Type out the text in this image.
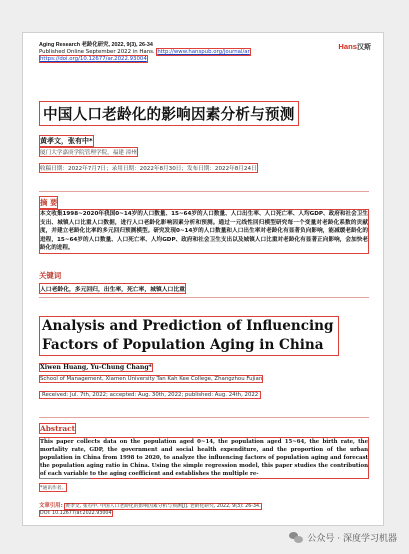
Aging Research 老龄化研究, 2022, 9(3), 26-34
Published Online September 2022 in Hans. http://www.hanspub.org/journal/ar
https://doi.org/10.12677/ar.2022.93004
Hans汉斯
中国人口老龄化的影响因素分析与预测
黄孝文，张有中*
厦门大学嘉庚学院管理学院，福建 漳州
收稿日期：2022年7月7日；录用日期：2022年8月30日；发布日期：2022年8月24日
摘 要
本文收集1998~2020年我国0~14岁的人口数量、15~64岁的人口数量、人口出生率、人口死亡率、人均GDP、政府和社会卫生支出、城镇人口比重人口数据，进行人口老龄化影响因素分析和预测。通过一元线性回归模型研究每一个变量对老龄化系数的贡献度，并建立老龄化比率的多元回归预测模型。研究发现0~14岁的人口数量和人口出生率对老龄化有显著负向影响，能减缓老龄化的进程，15~64岁的人口数量、人口死亡率、人均GDP、政府和社会卫生支出以及城镇人口比重对老龄化有显著正向影响，会加快老龄化的进程。
关键词
人口老龄化，多元回归，出生率，死亡率，城镇人口比重
Analysis and Prediction of Influencing Factors of Population Aging in China
Xiwen Huang, Yu-Chung Chang*
School of Management, Xiamen University Tan Kah Kee College, Zhangzhou Fujian
Received: Jul. 7th, 2022; accepted: Aug. 30th, 2022; published: Aug. 24th, 2022
Abstract
This paper collects data on the population aged 0~14, the population aged 15~64, the birth rate, the mortality rate, GDP, the government and social health expenditure, and the proportion of the urban population in China from 1998 to 2020, to analyze the influencing factors of population aging and forecast the population aging ratio in China. Using the simple regression model, this paper studies the contribution of each variable to the aging coefficient and establishes the multiple re-
*通讯作者。
文章引用: 黄孝文, 张有中. 中国人口老龄化的影响因素分析与预测[J]. 老龄化研究, 2022, 9(3): 26-34.
DOI: 10.12677/ar.2022.93004
公众号 · 深度学习机器
